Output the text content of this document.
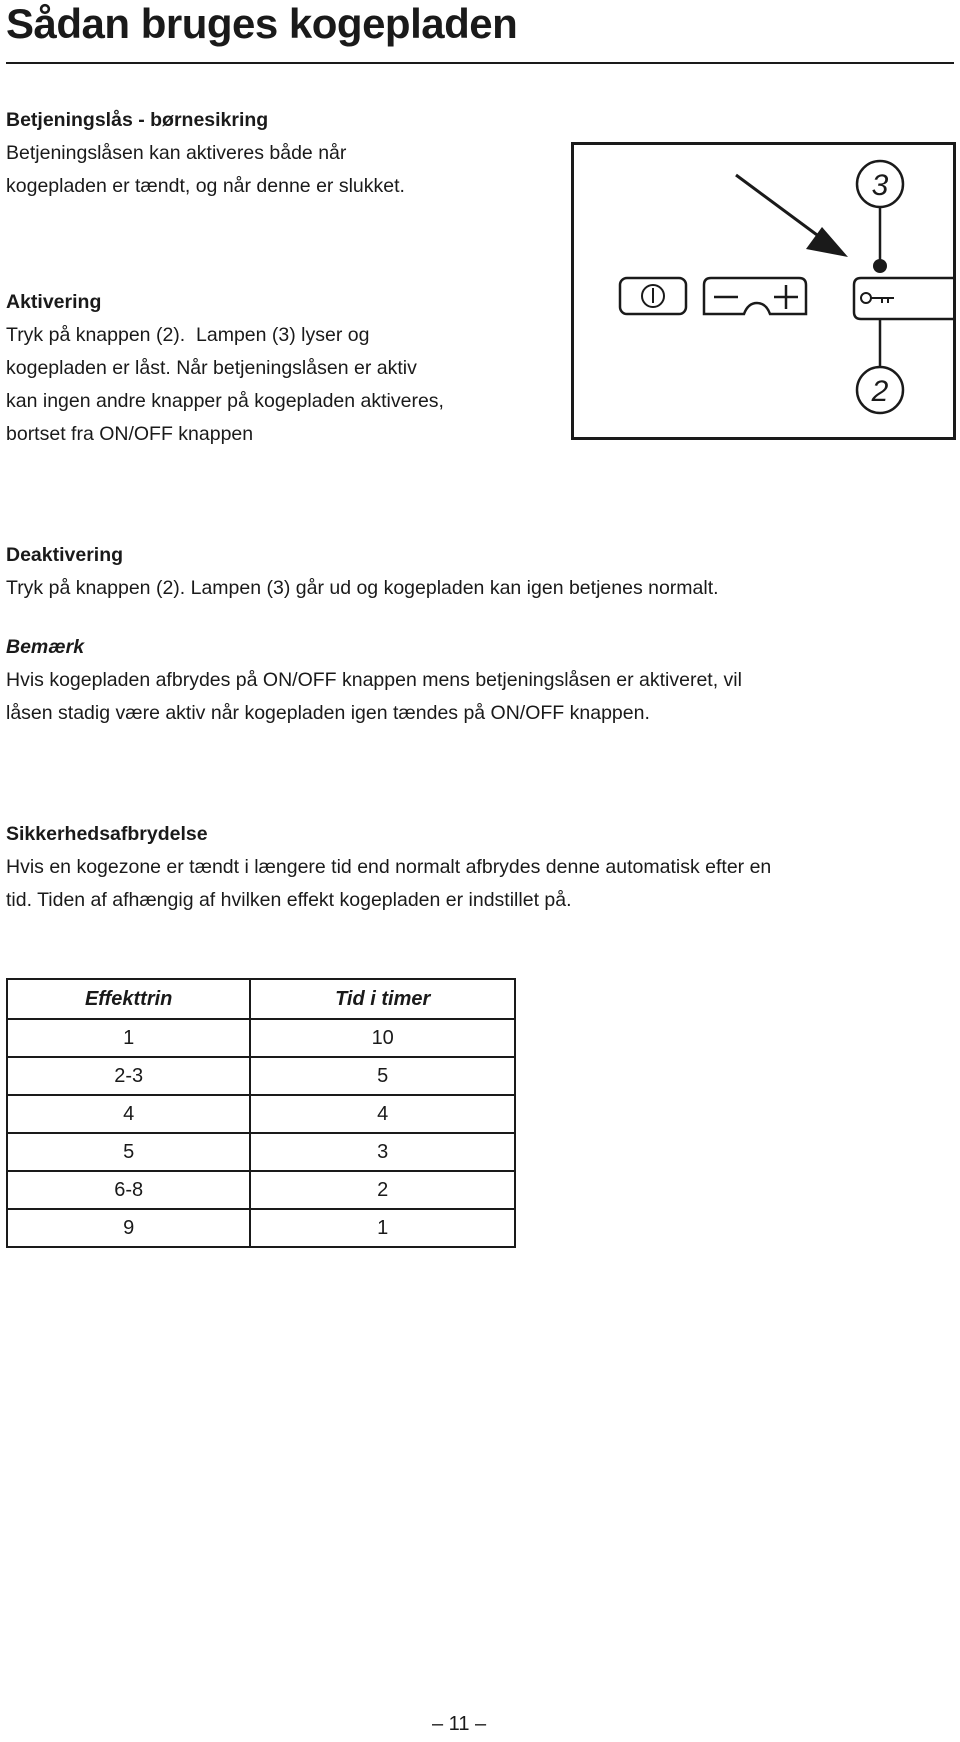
Sådan bruges kogepladen
Betjeningslås - børnesikring
Betjeningslåsen kan aktiveres både når
kogepladen er tændt, og når denne er slukket.
Aktivering
Tryk på knappen (2).  Lampen (3) lyser og
kogepladen er låst. Når betjeningslåsen er aktiv
kan ingen andre knapper på kogepladen aktiveres,
bortset fra ON/OFF knappen
3
2
Deaktivering
Tryk på knappen (2). Lampen (3) går ud og kogepladen kan igen betjenes normalt.
Bemærk
Hvis kogepladen afbrydes på ON/OFF knappen mens betjeningslåsen er aktiveret, vil
låsen stadig være aktiv når kogepladen igen tændes på ON/OFF knappen.
Sikkerhedsafbrydelse
Hvis en kogezone er tændt i længere tid end normalt afbrydes denne automatisk efter en
tid. Tiden af afhængig af hvilken effekt kogepladen er indstillet på.
Effekttrin	Tid i timer
1	10
2-3	5
4	4
5	3
6-8	2
9	1
– 11 –
